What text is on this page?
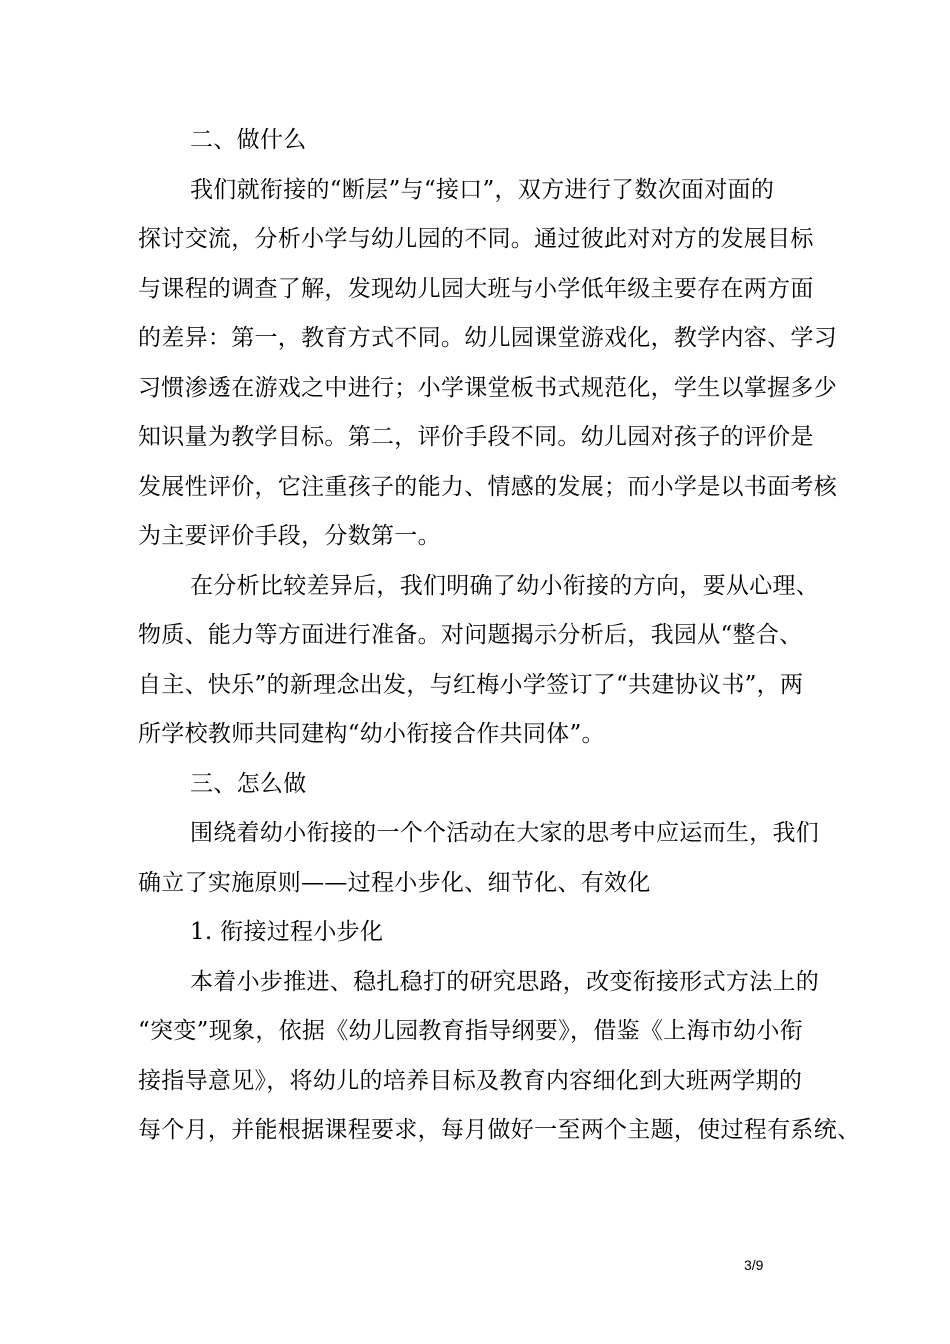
二、做什么
我们就衔接的“断层”与“接口”，双方进行了数次面对面的
探讨交流，分析小学与幼儿园的不同。通过彼此对对方的发展目标
与课程的调查了解，发现幼儿园大班与小学低年级主要存在两方面
的差异：第一，教育方式不同。幼儿园课堂游戏化，教学内容、学习
习惯渗透在游戏之中进行；小学课堂板书式规范化，学生以掌握多少
知识量为教学目标。第二，评价手段不同。幼儿园对孩子的评价是
发展性评价，它注重孩子的能力、情感的发展；而小学是以书面考核
为主要评价手段，分数第一。
在分析比较差异后，我们明确了幼小衔接的方向，要从心理、
物质、能力等方面进行准备。对问题揭示分析后，我园从“整合、
自主、快乐”的新理念出发，与红梅小学签订了“共建协议书”，两
所学校教师共同建构“幼小衔接合作共同体”。
三、怎么做
围绕着幼小衔接的一个个活动在大家的思考中应运而生，我们
确立了实施原则——过程小步化、细节化、有效化
1. 衔接过程小步化
本着小步推进、稳扎稳打的研究思路，改变衔接形式方法上的
“突变”现象，依据《幼儿园教育指导纲要》，借鉴《上海市幼小衔
接指导意见》，将幼儿的培养目标及教育内容细化到大班两学期的
每个月，并能根据课程要求，每月做好一至两个主题，使过程有系统、
3/9
